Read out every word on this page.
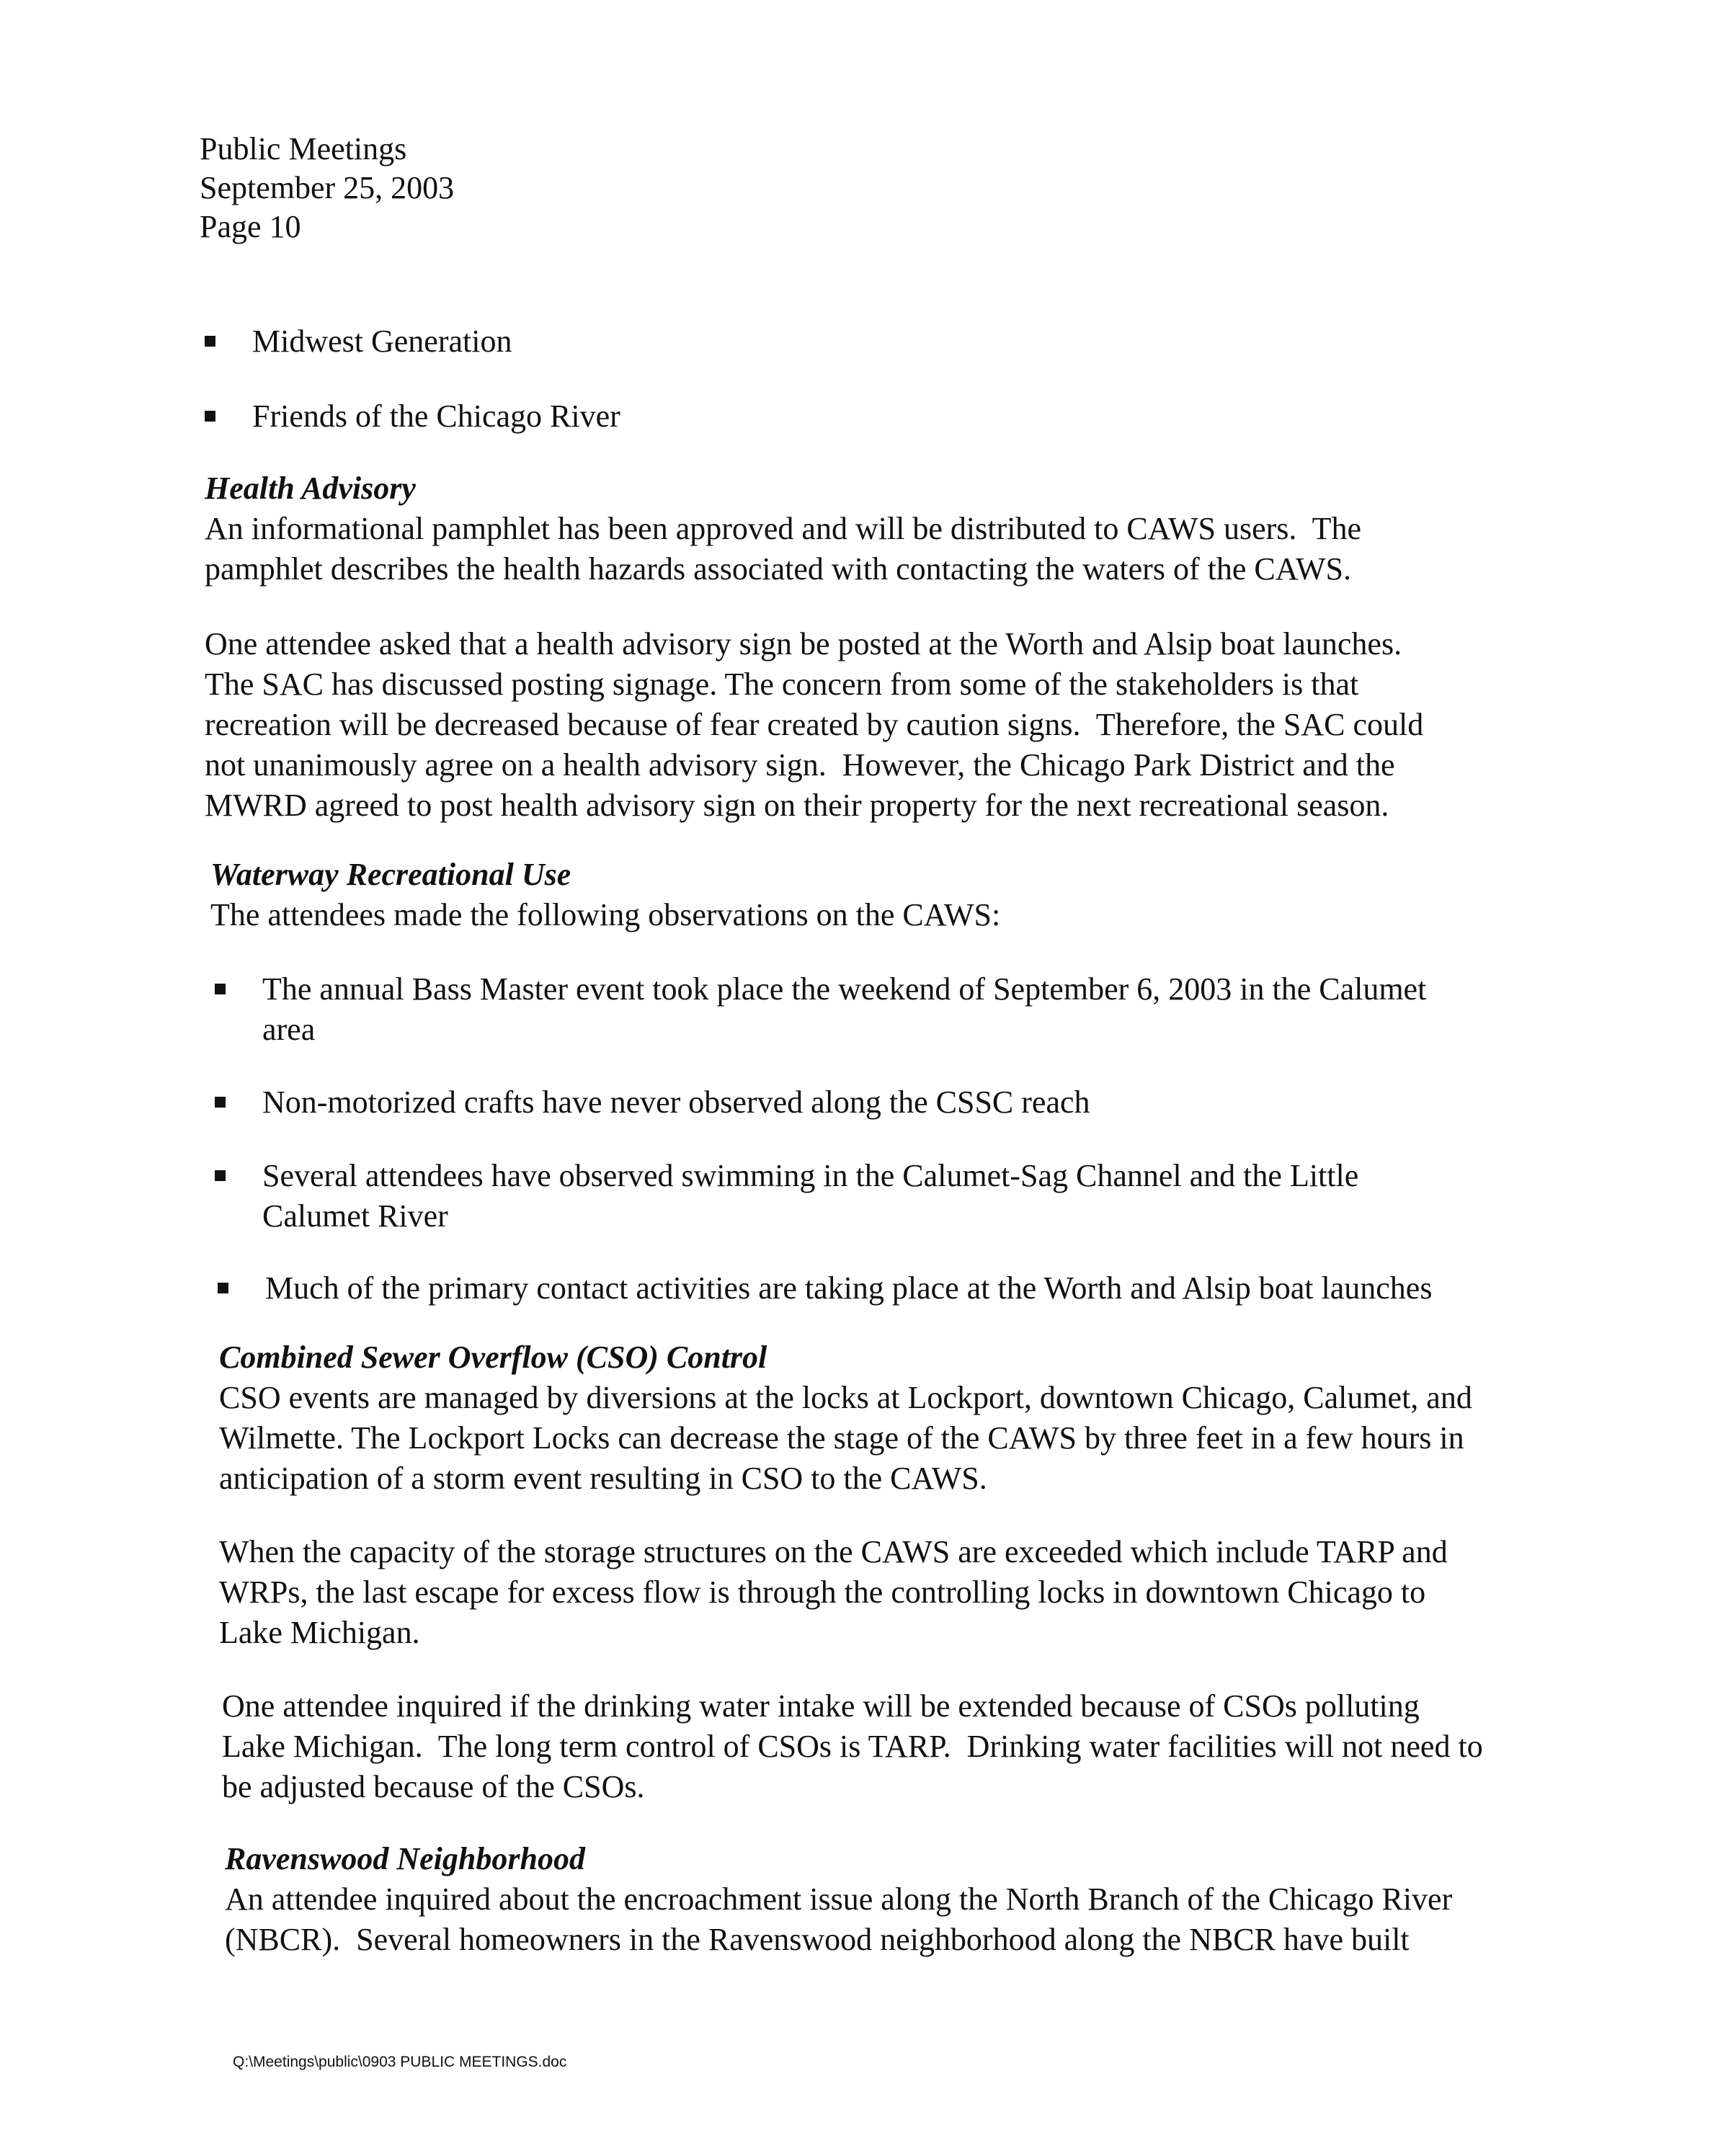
Public Meetings
September 25, 2003
Page 10
Midwest Generation
Friends of the Chicago River
Health Advisory
An informational pamphlet has been approved and will be distributed to CAWS users.  The
pamphlet describes the health hazards associated with contacting the waters of the CAWS.
One attendee asked that a health advisory sign be posted at the Worth and Alsip boat launches.
The SAC has discussed posting signage. The concern from some of the stakeholders is that
recreation will be decreased because of fear created by caution signs.  Therefore, the SAC could
not unanimously agree on a health advisory sign.  However, the Chicago Park District and the
MWRD agreed to post health advisory sign on their property for the next recreational season.
Waterway Recreational Use
The attendees made the following observations on the CAWS:
The annual Bass Master event took place the weekend of September 6, 2003 in the Calumet
area
Non-motorized crafts have never observed along the CSSC reach
Several attendees have observed swimming in the Calumet-Sag Channel and the Little
Calumet River
Much of the primary contact activities are taking place at the Worth and Alsip boat launches
Combined Sewer Overflow (CSO) Control
CSO events are managed by diversions at the locks at Lockport, downtown Chicago, Calumet, and
Wilmette. The Lockport Locks can decrease the stage of the CAWS by three feet in a few hours in
anticipation of a storm event resulting in CSO to the CAWS.
When the capacity of the storage structures on the CAWS are exceeded which include TARP and
WRPs, the last escape for excess flow is through the controlling locks in downtown Chicago to
Lake Michigan.
One attendee inquired if the drinking water intake will be extended because of CSOs polluting
Lake Michigan.  The long term control of CSOs is TARP.  Drinking water facilities will not need to
be adjusted because of the CSOs.
Ravenswood Neighborhood
An attendee inquired about the encroachment issue along the North Branch of the Chicago River
(NBCR).  Several homeowners in the Ravenswood neighborhood along the NBCR have built
Q:\Meetings\public\0903 PUBLIC MEETINGS.doc
